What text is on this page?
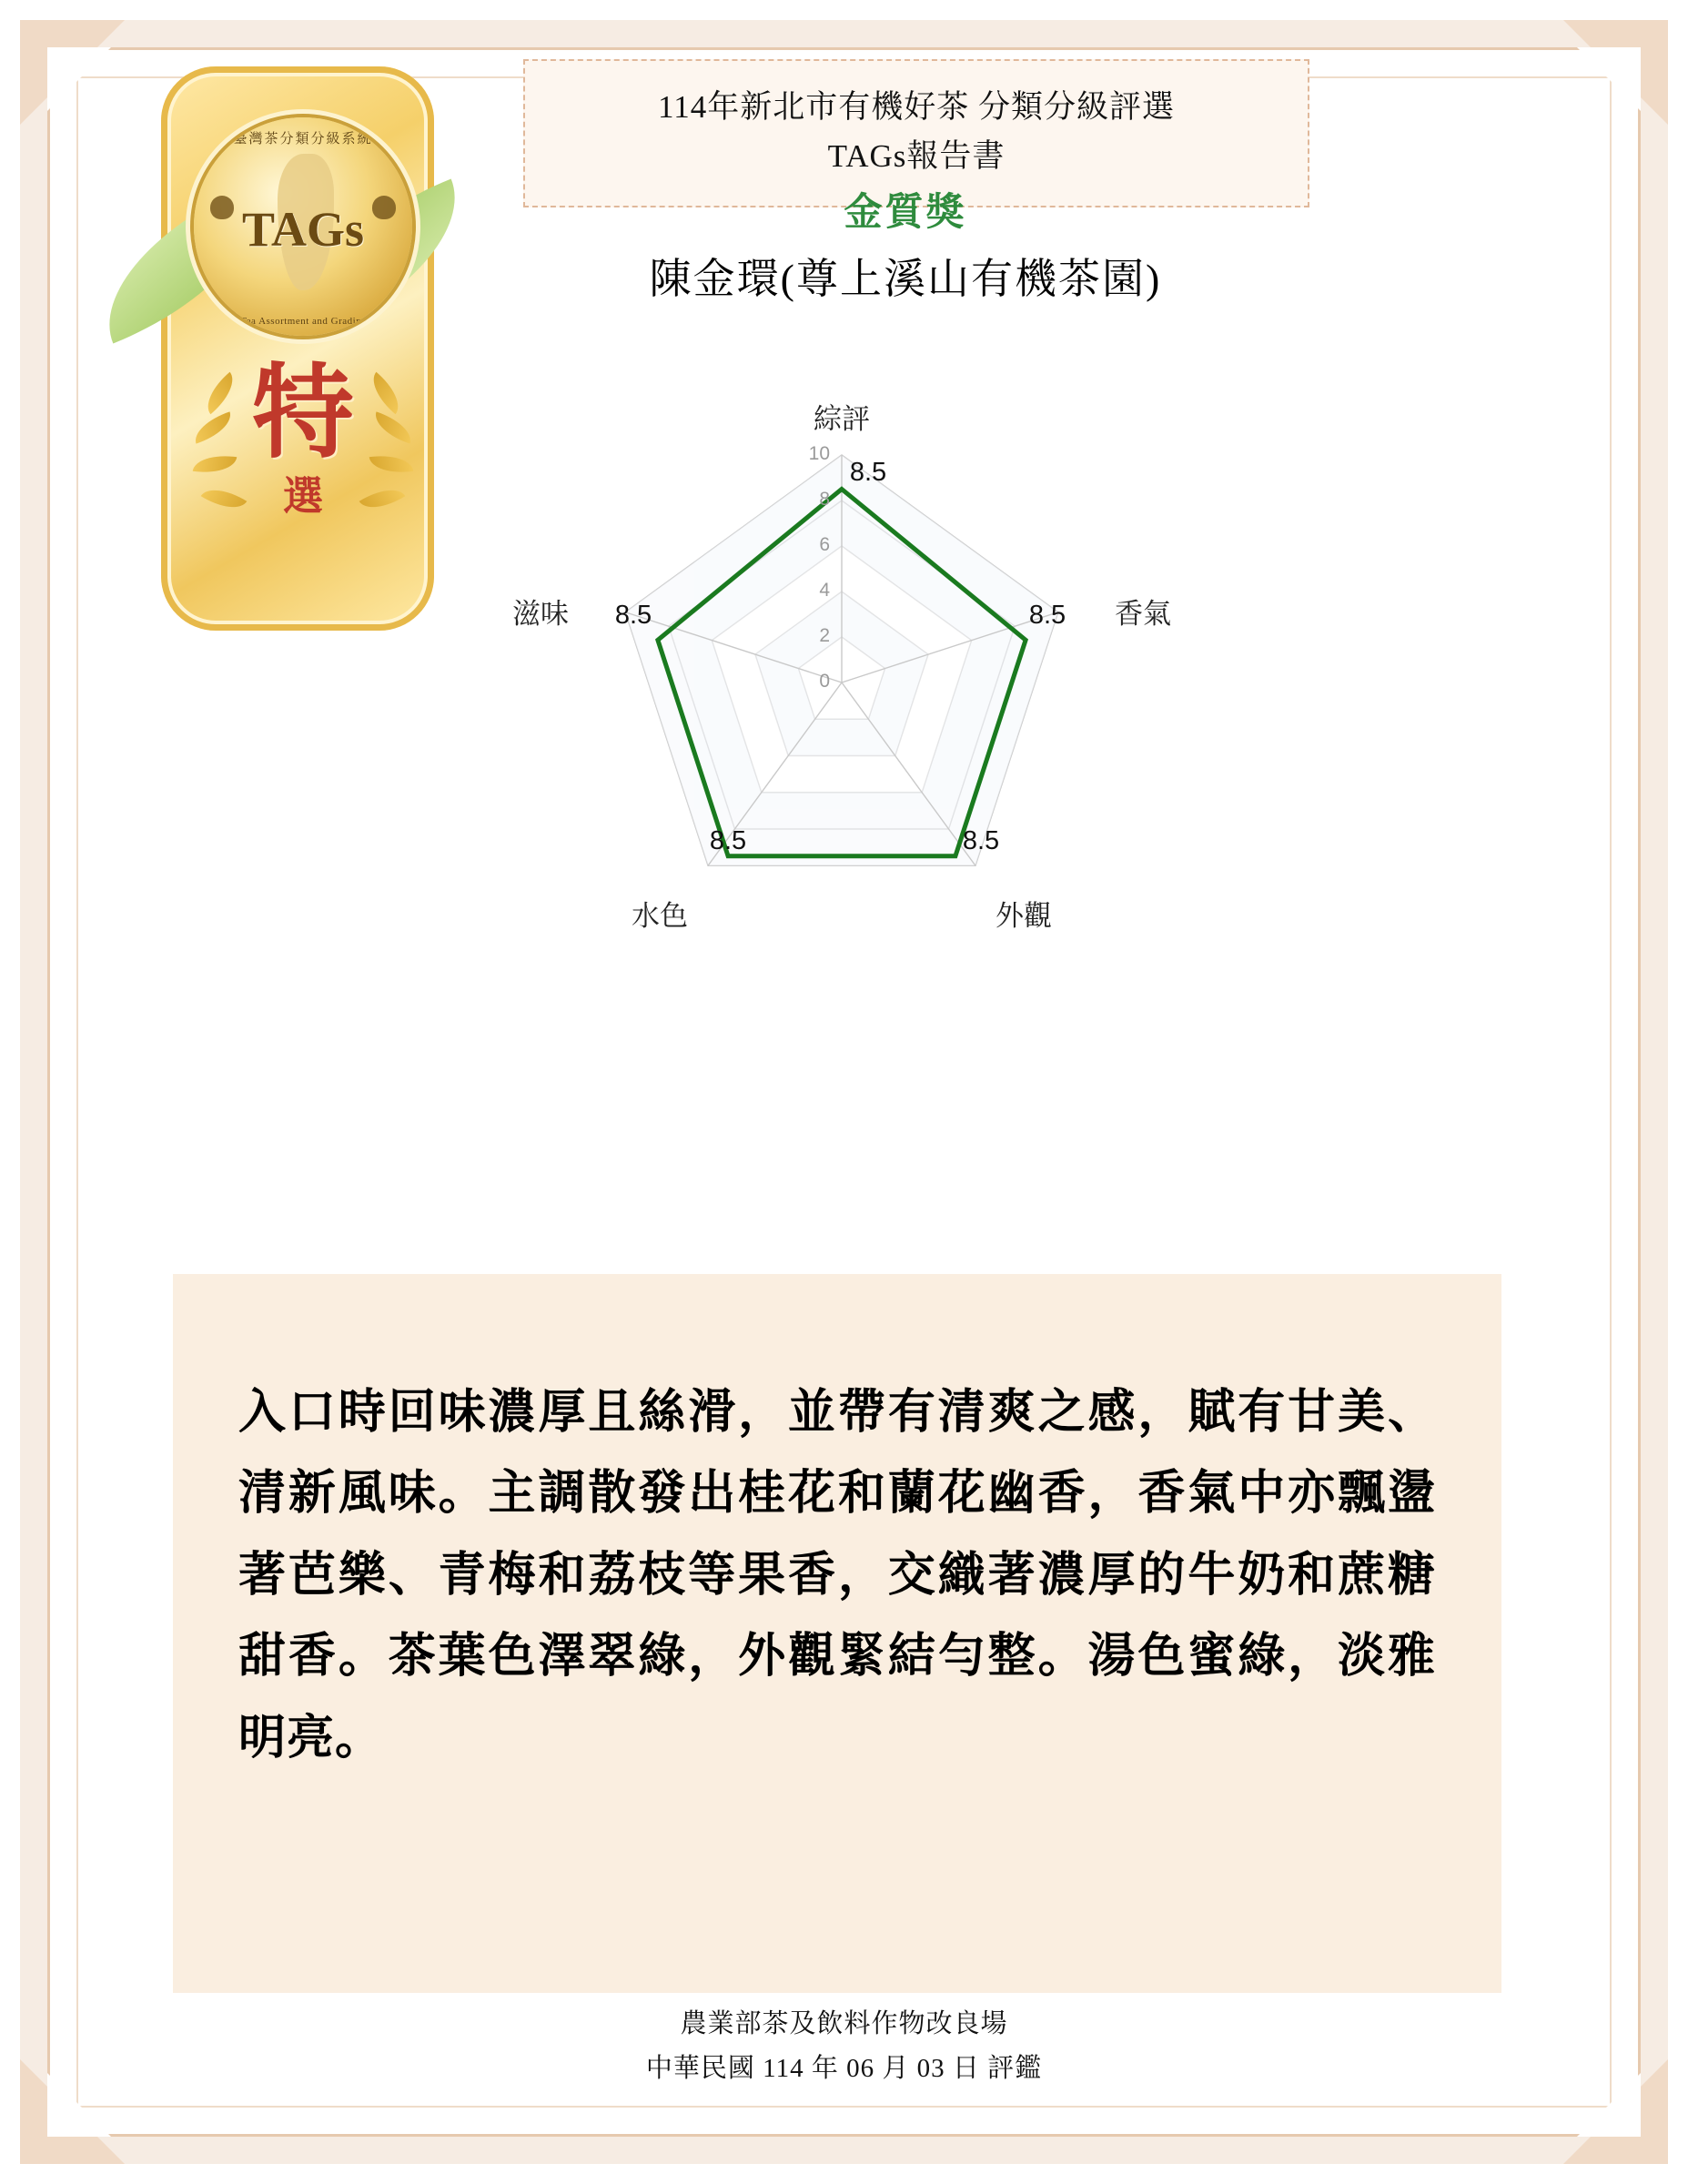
臺灣茶分類分級系統
TAGs
Taiwan Tea Assortment and Grading system
特
選
114年新北市有機好茶 分類分級評選
TAGs報告書
金質獎
陳金環(尊上溪山有機茶園)
0
2
4
6
8
10
綜評
香氣
外觀
水色
滋味
8.5
8.5
8.5
8.5
8.5
入口時回味濃厚且絲滑，並帶有清爽之感，賦有甘美、清新風味。主調散發出桂花和蘭花幽香，香氣中亦飄盪著芭樂、青梅和荔枝等果香，交織著濃厚的牛奶和蔗糖甜香。茶葉色澤翠綠，外觀緊結勻整。湯色蜜綠，淡雅明亮。
農業部茶及飲料作物改良場
中華民國 114 年 06 月 03 日 評鑑
